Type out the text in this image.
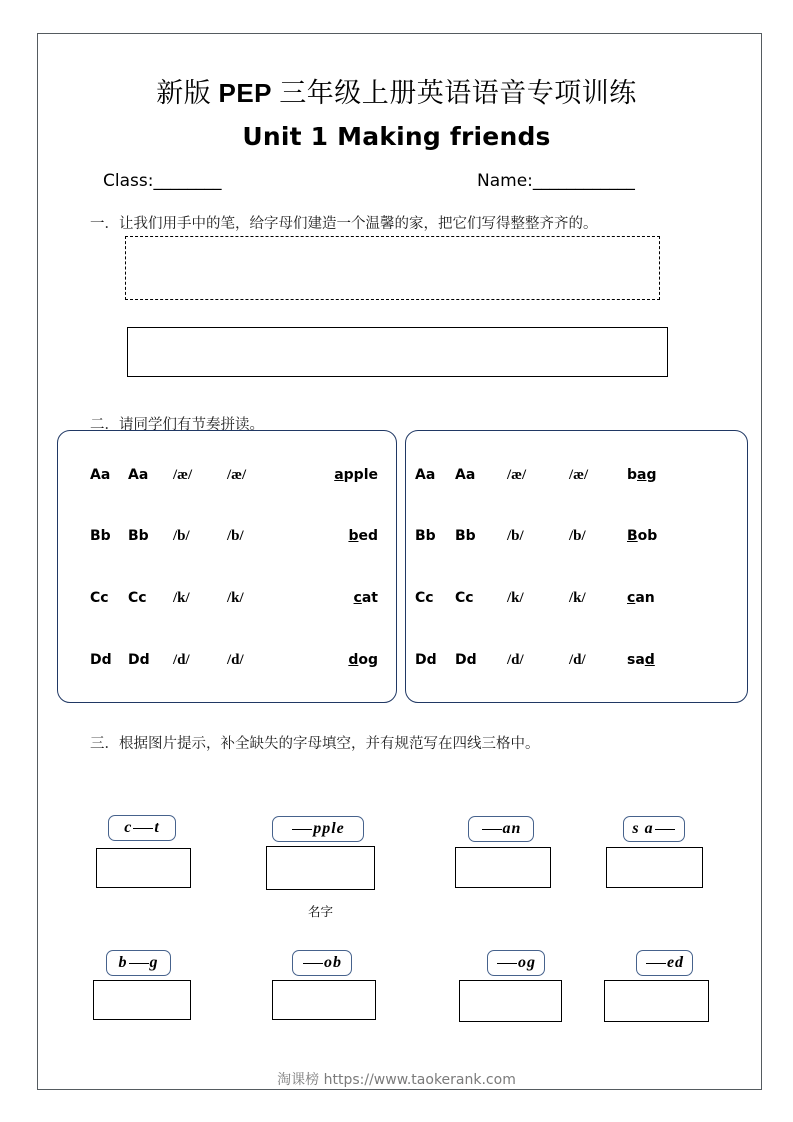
新版 PEP 三年级上册英语语音专项训练
Unit 1 Making friends
Class:________	Name:____________
一．让我们用手中的笔，给字母们建造一个温馨的家，把它们写得整整齐齐的。
二．请同学们有节奏拼读。
Aa	Aa	/æ/	/æ/	apple
Bb	Bb	/b/	/b/	bed
Cc	Cc	/k/	/k/	cat
Dd	Dd	/d/	/d/	dog
Aa	Aa	/æ/	/æ/	bag
Bb	Bb	/b/	/b/	Bob
Cc	Cc	/k/	/k/	can
Dd	Dd	/d/	/d/	sad
三．根据图片提示，补全缺失的字母填空，并有规范写在四线三格中。
c t	pple
名字
an	s a
b g	ob	og	ed
淘课榜 https://www.taokerank.com
